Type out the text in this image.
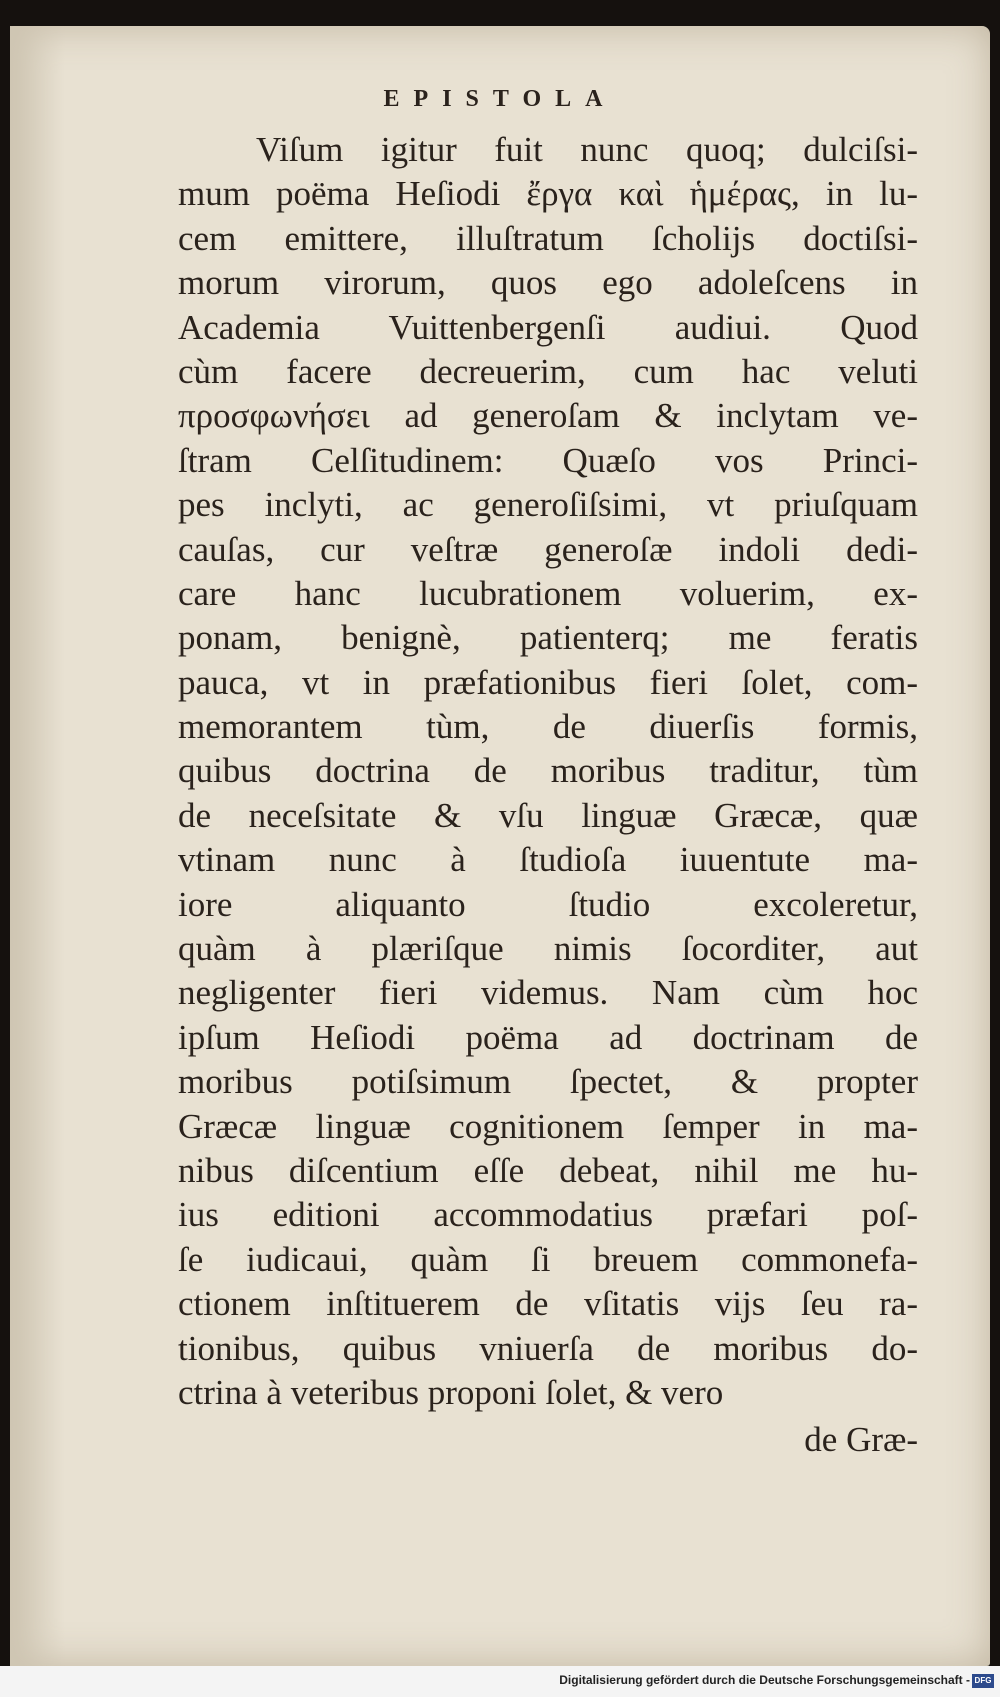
EPISTOLA
Viſum igitur fuit nunc quoq; dulciſsi-
mum poëma Heſiodi ἔργα καὶ ἡμέρας, in lu-
cem emittere, illuſtratum ſcholijs doctiſsi-
morum virorum, quos ego adoleſcens in
Academia Vuittenbergenſi audiui. Quod
cùm facere decreuerim, cum hac veluti
προσφωνήσει ad generoſam & inclytam ve-
ſtram Celſitudinem: Quæſo vos Princi-
pes inclyti, ac generoſiſsimi, vt priuſquam
cauſas, cur veſtræ generoſæ indoli dedi-
care hanc lucubrationem voluerim, ex-
ponam, benignè, patienterq; me feratis
pauca, vt in præfationibus fieri ſolet, com-
memorantem tùm, de diuerſis formis,
quibus doctrina de moribus traditur, tùm
de neceſsitate & vſu linguæ Græcæ, quæ
vtinam nunc à ſtudioſa iuuentute ma-
iore aliquanto ſtudio excoleretur,
quàm à plæriſque nimis ſocorditer, aut
negligenter fieri videmus. Nam cùm hoc
ipſum Heſiodi poëma ad doctrinam de
moribus potiſsimum ſpectet, & propter
Græcæ linguæ cognitionem ſemper in ma-
nibus diſcentium eſſe debeat, nihil me hu-
ius editioni accommodatius præfari poſ-
ſe iudicaui, quàm ſi breuem commonefa-
ctionem inſtituerem de vſitatis vijs ſeu ra-
tionibus, quibus vniuerſa de moribus do-
ctrina à veteribus proponi ſolet, & vero
de Græ-
Digitalisierung gefördert durch die Deutsche Forschungsgemeinschaft - DFG
